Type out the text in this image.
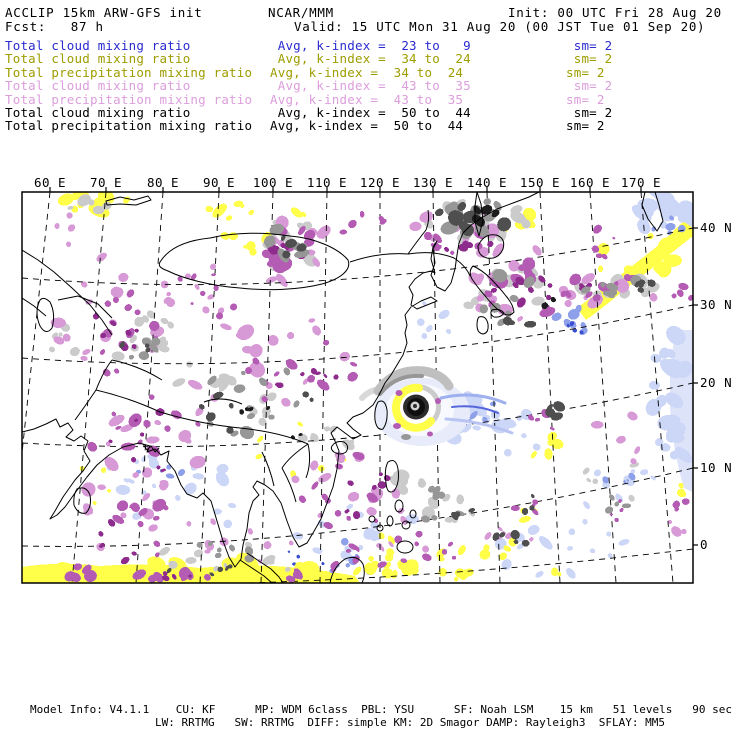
ACCLIP 15km ARW-GFS init	NCAR/MMM	Init: 00 UTC Fri 28 Aug 20
Fcst:   87 h	Valid: 15 UTC Mon 31 Aug 20 (00 JST Tue 01 Sep 20)
Total cloud mixing ratio	Avg, k-index =  23 to   9	sm= 2
Total cloud mixing ratio	Avg, k-index =  34 to  24	sm= 2
Total precipitation mixing ratio Avg, k-index =  34 to  24	sm= 2
Total cloud mixing ratio	Avg, k-index =  43 to  35	sm= 2
Total precipitation mixing ratio Avg, k-index =  43 to  35	sm= 2
Total cloud mixing ratio	Avg, k-index =  50 to  44	sm= 2
Total precipitation mixing ratio Avg, k-index =  50 to  44	sm= 2
60 E 70 E 80 E 90 E 100 E 110 E 120 E 130 E 140 E 150 E 160 E 170 E
40 N
30 N
20 N
10 N
0
Model Info: V4.1.1    CU: KF      MP: WDM 6class  PBL: YSU      SF: Noah LSM    15 km   51 levels   90 sec
LW: RRTMG   SW: RRTMG  DIFF: simple KM: 2D Smagor DAMP: Rayleigh3  SFLAY: MM5
